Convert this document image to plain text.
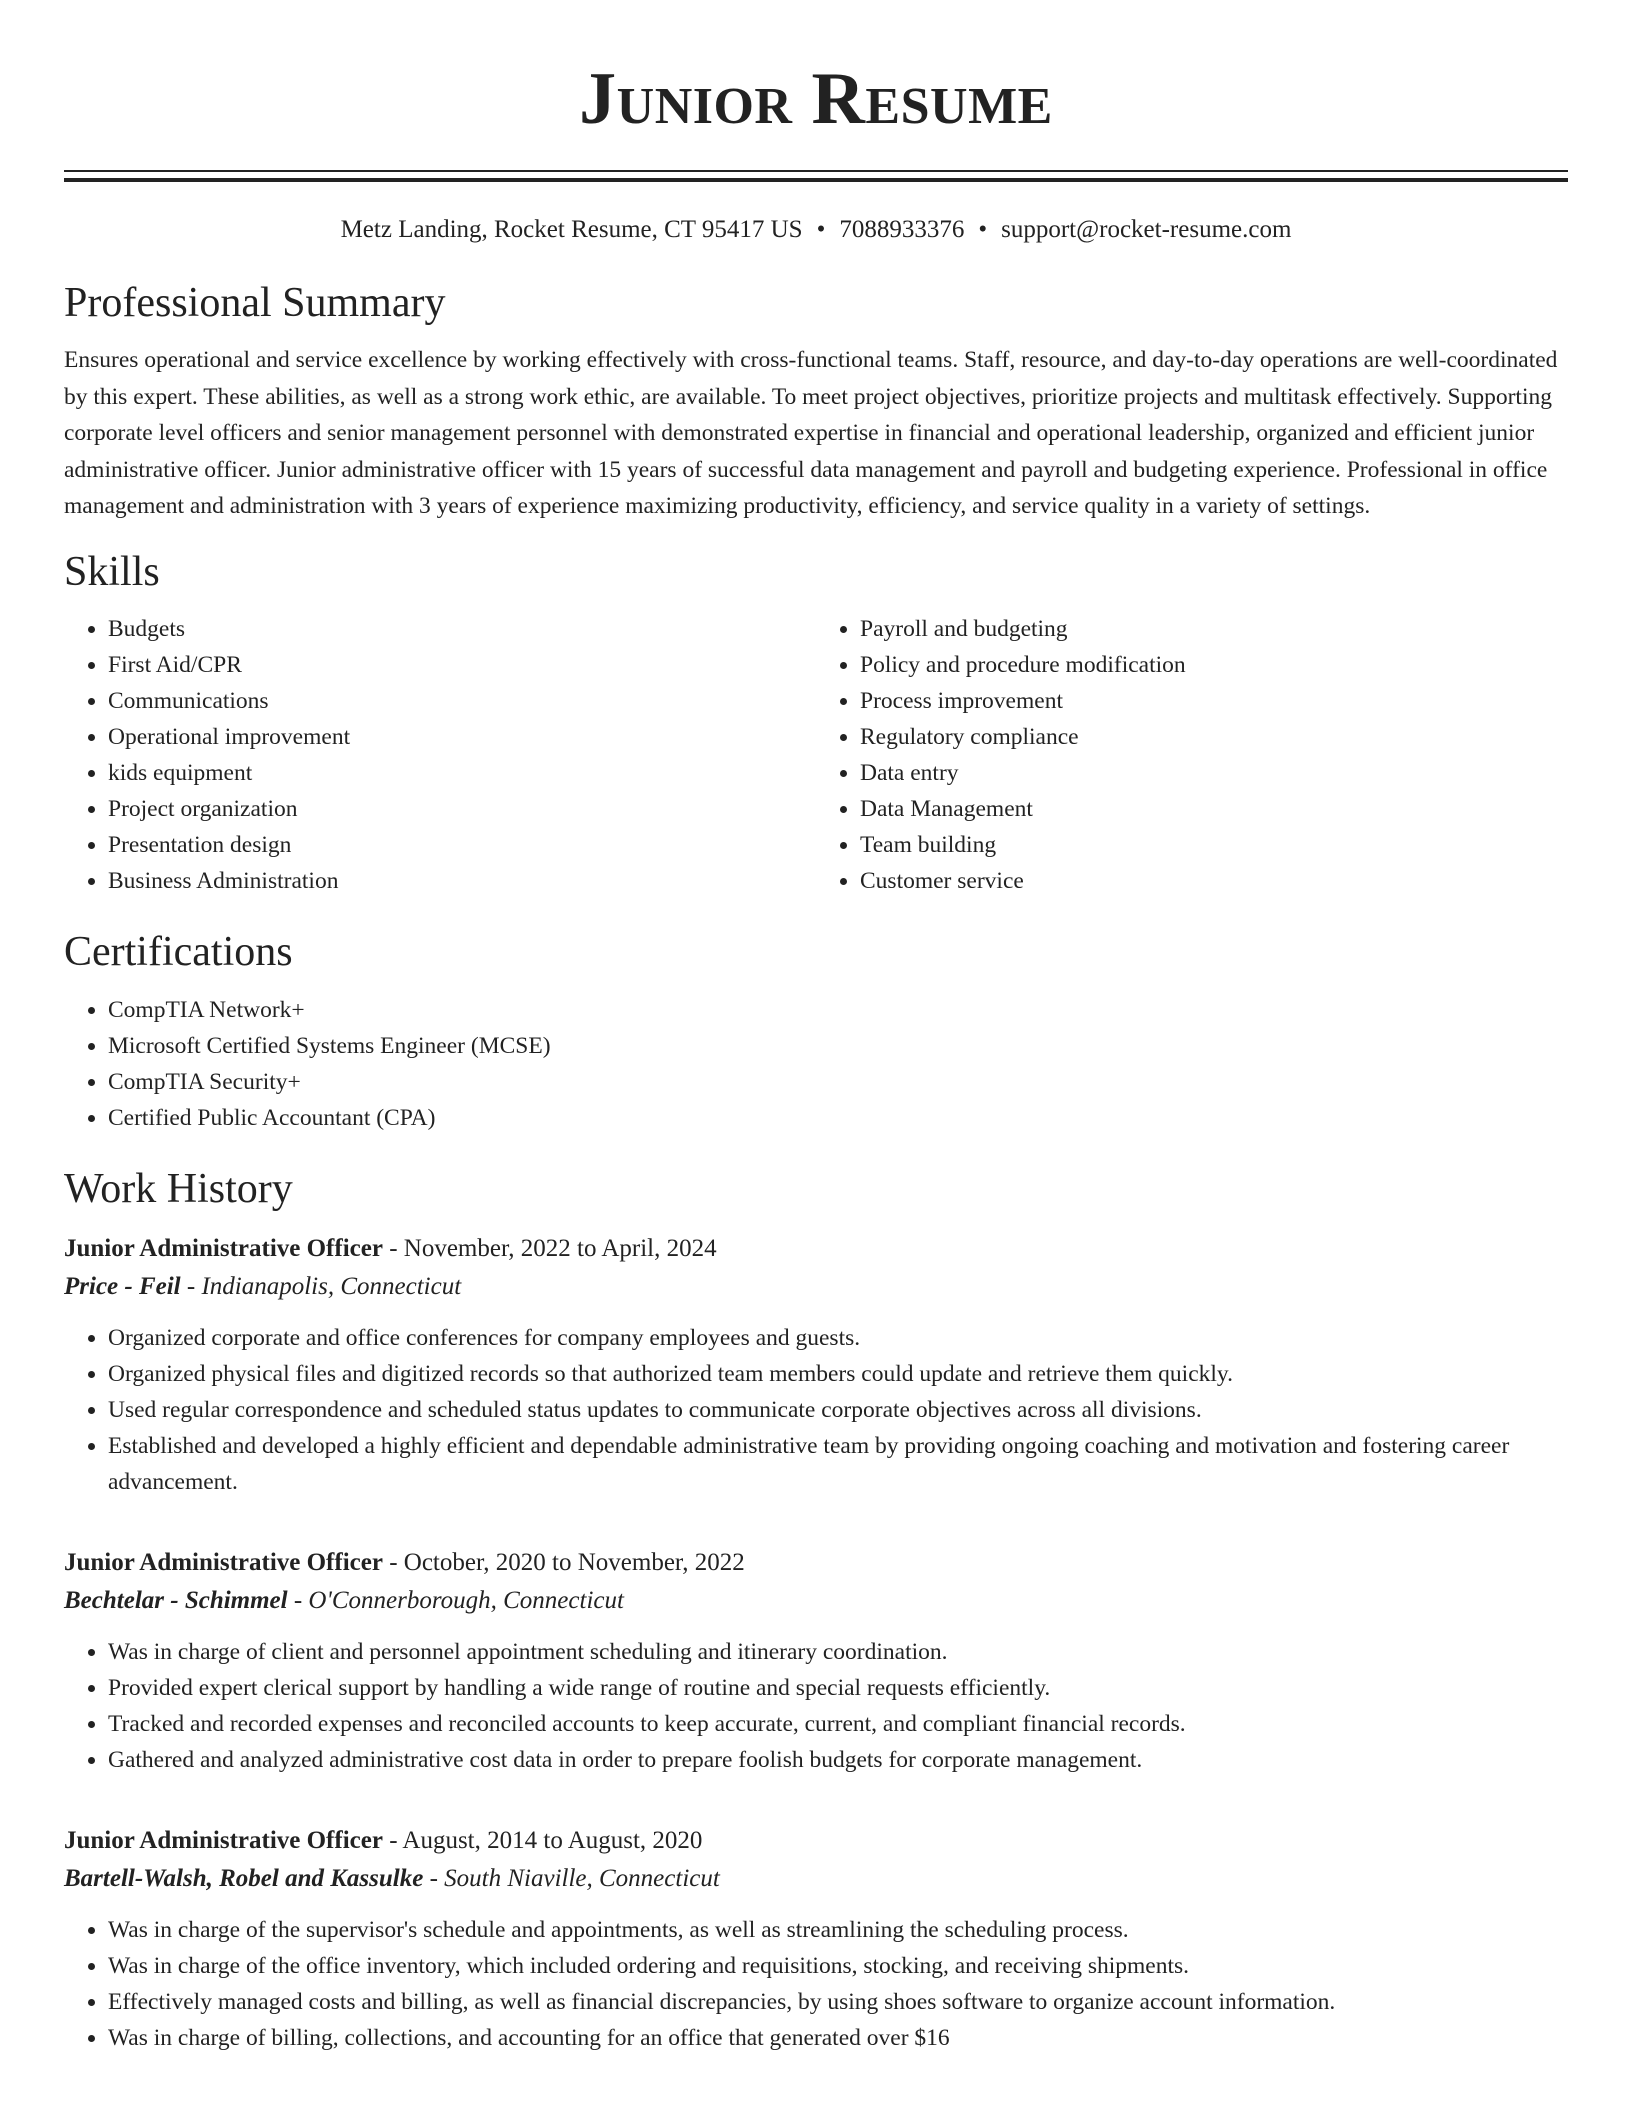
Junior Resume
Metz Landing, Rocket Resume, CT 95417 US • 7088933376 • support@rocket-resume.com
Professional Summary

Ensures operational and service excellence by working effectively with cross-functional teams. Staff, resource, and day-to-day operations are well-coordinated by this expert. These abilities, as well as a strong work ethic, are available. To meet project objectives, prioritize projects and multitask effectively. Supporting corporate level officers and senior management personnel with demonstrated expertise in financial and operational leadership, organized and efficient junior administrative officer. Junior administrative officer with 15 years of successful data management and payroll and budgeting experience. Professional in office management and administration with 3 years of experience maximizing productivity, efficiency, and service quality in a variety of settings.

Skills
• Budgets
• First Aid/CPR
• Communications
• Operational improvement
• kids equipment
• Project organization
• Presentation design
• Business Administration
• Payroll and budgeting
• Policy and procedure modification
• Process improvement
• Regulatory compliance
• Data entry
• Data Management
• Team building
• Customer service
Certifications
• CompTIA Network+
• Microsoft Certified Systems Engineer (MCSE)
• CompTIA Security+
• Certified Public Accountant (CPA)
Work History
Junior Administrative Officer - November, 2022 to April, 2024
Price - Feil - Indianapolis, Connecticut
• Organized corporate and office conferences for company employees and guests.
• Organized physical files and digitized records so that authorized team members could update and retrieve them quickly.
• Used regular correspondence and scheduled status updates to communicate corporate objectives across all divisions.
• Established and developed a highly efficient and dependable administrative team by providing ongoing coaching and motivation and fostering career advancement.
Junior Administrative Officer - October, 2020 to November, 2022
Bechtelar - Schimmel - O'Connerborough, Connecticut
• Was in charge of client and personnel appointment scheduling and itinerary coordination.
• Provided expert clerical support by handling a wide range of routine and special requests efficiently.
• Tracked and recorded expenses and reconciled accounts to keep accurate, current, and compliant financial records.
• Gathered and analyzed administrative cost data in order to prepare foolish budgets for corporate management.
Junior Administrative Officer - August, 2014 to August, 2020
Bartell-Walsh, Robel and Kassulke - South Niaville, Connecticut
• Was in charge of the supervisor's schedule and appointments, as well as streamlining the scheduling process.
• Was in charge of the office inventory, which included ordering and requisitions, stocking, and receiving shipments.
• Effectively managed costs and billing, as well as financial discrepancies, by using shoes software to organize account information.
• Was in charge of billing, collections, and accounting for an office that generated over $16
